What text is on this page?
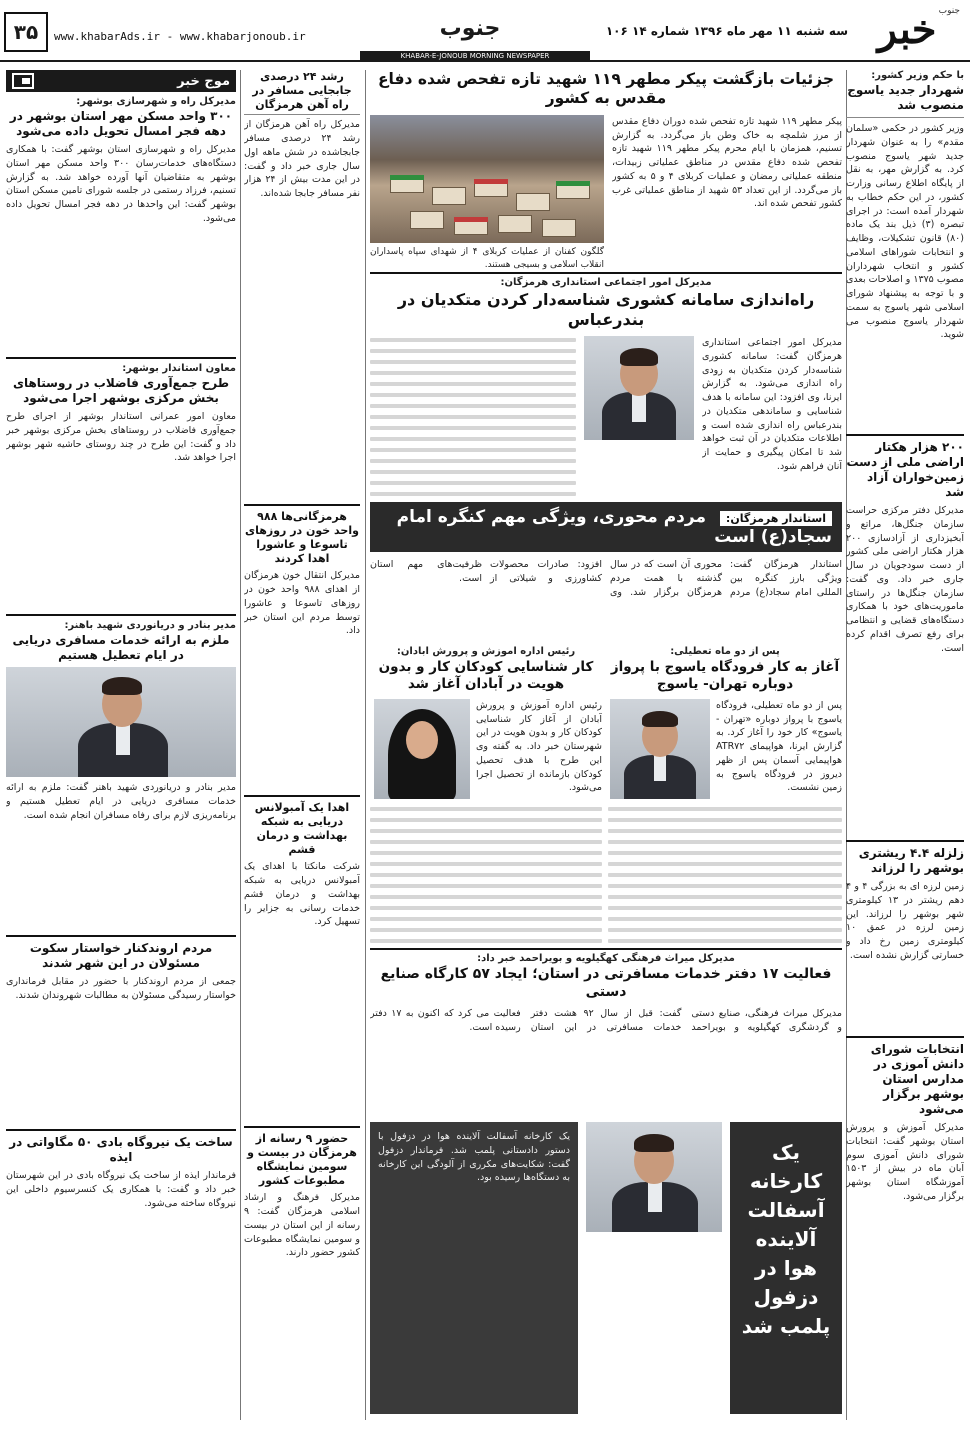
خبر جنوب
سه شنبه ۱۱ مهر ماه ۱۳۹۶ شماره ۱۴ ۱۰۶
جنوب
www.khabarAds.ir - www.khabarjonoub.ir
۳۵
KHABAR-E-JONOUB MORNING NEWSPAPER
با حکم وزیر کشور:
شهردار جدید یاسوج منصوب شد

وزیر کشور در حکمی «سلمان مقدم» را به عنوان شهردار جدید شهر یاسوج منصوب کرد. به گزارش مهر، به نقل از پایگاه اطلاع رسانی وزارت کشور، در این حکم خطاب به شهردار آمده است: در اجرای تبصره (۳) ذیل بند یک ماده (۸۰) قانون تشکیلات، وظایف و انتخابات شوراهای اسلامی کشور و انتخاب شهرداران مصوب ۱۳۷۵ و اصلاحات بعدی و با توجه به پیشنهاد شورای اسلامی شهر یاسوج به سمت شهردار یاسوج منصوب می شوید.

۲۰۰ هزار هکتار اراضی ملی از دست زمین‌خواران آزاد شد

مدیرکل دفتر مرکزی حراست سازمان جنگل‌ها، مراتع و آبخیزداری از آزادسازی ۲۰۰ هزار هکتار اراضی ملی کشور از دست سودجویان در سال جاری خبر داد. وی گفت: سازمان جنگل‌ها در راستای ماموریت‌های خود با همکاری دستگاه‌های قضایی و انتظامی برای رفع تصرف اقدام کرده است.

زلزله ۴.۴ ریشتری بوشهر را لرزاند

زمین لرزه ای به بزرگی ۴ و ۴ دهم ریشتر در ۱۳ کیلومتری شهر بوشهر را لرزاند. این زمین لرزه در عمق ۱۰ کیلومتری زمین رخ داد و خسارتی گزارش نشده است.

انتخابات شورای دانش آموزی در مدارس استان بوشهر برگزار می‌شود

مدیرکل آموزش و پرورش استان بوشهر گفت: انتخابات شورای دانش آموزی سوم آبان ماه در بیش از ۱۵۰۳ آموزشگاه استان بوشهر برگزار می‌شود.

جزئیات بازگشت پیکر مطهر ۱۱۹ شهید تازه تفحص شده دفاع مقدس به کشور

پیکر مطهر ۱۱۹ شهید تازه تفحص شده دوران دفاع مقدس از مرز شلمچه به خاک وطن باز می‌گردد. به گزارش تسنیم، همزمان با ایام محرم پیکر مطهر ۱۱۹ شهید تازه تفحص شده دفاع مقدس در مناطق عملیاتی زبیدات، منطقه عملیاتی رمضان و عملیات کربلای ۴ و ۵ به کشور باز می‌گردد. از این تعداد ۵۳ شهید از مناطق عملیاتی غرب کشور تفحص شده اند.

گلگون کفنان از عملیات کربلای ۴ از شهدای سپاه پاسداران انقلاب اسلامی و بسیجی هستند.

مدیرکل امور اجتماعی استانداری هرمزگان:
راه‌اندازی سامانه کشوری شناسه‌دار کردن متکدیان در بندرعباس

مدیرکل امور اجتماعی استانداری هرمزگان گفت: سامانه کشوری شناسه‌دار کردن متکدیان به زودی راه اندازی می‌شود. به گزارش ایرنا، وی افزود: این سامانه با هدف شناسایی و ساماندهی متکدیان در بندرعباس راه اندازی شده است و اطلاعات متکدیان در آن ثبت خواهد شد تا امکان پیگیری و حمایت از آنان فراهم شود.

استاندار هرمزگان: مردم محوری، ویژگی مهم کنگره امام سجاد(ع) است

استاندار هرمزگان گفت: ویژگی بارز کنگره بین المللی امام سجاد(ع) مردم محوری آن است که در سال گذشته با همت مردم هرمزگان برگزار شد. وی افزود: صادرات محصولات کشاورزی و شیلاتی از ظرفیت‌های مهم استان است.

پس از دو ماه تعطیلی:
آغاز به کار فرودگاه یاسوج با پرواز دوباره تهران- یاسوج

پس از دو ماه تعطیلی، فرودگاه یاسوج با پرواز دوباره «تهران - یاسوج» کار خود را آغاز کرد. به گزارش ایرنا، هواپیمای ATR۷۲ هواپیمایی آسمان پس از ظهر دیروز در فرودگاه یاسوج به زمین نشست.

رئیس اداره آموزش و پرورش آبادان:
کار شناسایی کودکان کار و بدون هویت در آبادان آغاز شد

رئیس اداره آموزش و پرورش آبادان از آغاز کار شناسایی کودکان کار و بدون هویت در این شهرستان خبر داد. به گفته وی این طرح با هدف تحصیل کودکان بازمانده از تحصیل اجرا می‌شود.

مدیرکل میراث فرهنگی کهگیلویه و بویراحمد خبر داد:
فعالیت ۱۷ دفتر خدمات مسافرتی در استان؛ ایجاد ۵۷ کارگاه صنایع دستی

مدیرکل میراث فرهنگی، صنایع دستی و گردشگری کهگیلویه و بویراحمد گفت: قبل از سال ۹۲ هشت دفتر خدمات مسافرتی در این استان فعالیت می کرد که اکنون به ۱۷ دفتر رسیده است.

یک کارخانه آسفالت آلاینده هوا در دزفول پلمب شد

یک کارخانه آسفالت آلاینده هوا در دزفول با دستور دادستانی پلمب شد. فرماندار دزفول گفت: شکایت‌های مکرری از آلودگی این کارخانه به دستگاه‌ها رسیده بود.

رشد ۲۴ درصدی جابجایی مسافر در راه آهن هرمزگان

مدیرکل راه آهن هرمزگان از رشد ۲۴ درصدی مسافر جابجاشده در شش ماهه اول سال جاری خبر داد و گفت: در این مدت بیش از ۲۴ هزار نفر مسافر جابجا شده‌اند.

هرمزگانی‌ها ۹۸۸ واحد خون در روزهای تاسوعا و عاشورا اهدا کردند

مدیرکل انتقال خون هرمزگان از اهدای ۹۸۸ واحد خون در روزهای تاسوعا و عاشورا توسط مردم این استان خبر داد.

اهدا یک آمبولانس دریایی به شبکه بهداشت و درمان قشم

شرکت مانکتا با اهدای یک آمبولانس دریایی به شبکه بهداشت و درمان قشم خدمات رسانی به جزایر را تسهیل کرد.

حضور ۹ رسانه از هرمزگان در بیست و سومین نمایشگاه مطبوعات کشور

مدیرکل فرهنگ و ارشاد اسلامی هرمزگان گفت: ۹ رسانه از این استان در بیست و سومین نمایشگاه مطبوعات کشور حضور دارند.

موج خبر
مدیرکل راه و شهرسازی بوشهر:
۳۰۰ واحد مسکن مهر استان بوشهر در دهه فجر امسال تحویل داده می‌شود

مدیرکل راه و شهرسازی استان بوشهر گفت: با همکاری دستگاه‌های خدمات‌رسان ۳۰۰ واحد مسکن مهر استان بوشهر به متقاضیان آنها آورده خواهد شد. به گزارش تسنیم، فرزاد رستمی در جلسه شورای تامین مسکن استان بوشهر گفت: این واحدها در دهه فجر امسال تحویل داده می‌شود.

معاون استاندار بوشهر:
طرح جمع‌آوری فاضلاب در روستاهای بخش مرکزی بوشهر اجرا می‌شود

معاون امور عمرانی استاندار بوشهر از اجرای طرح جمع‌آوری فاضلاب در روستاهای بخش مرکزی بوشهر خبر داد و گفت: این طرح در چند روستای حاشیه شهر بوشهر اجرا خواهد شد.

مدیر بنادر و دریانوردی شهید باهنر:
ملزم به ارائه خدمات مسافری دریایی در ایام تعطیل هستیم

مدیر بنادر و دریانوردی شهید باهنر گفت: ملزم به ارائه خدمات مسافری دریایی در ایام تعطیل هستیم و برنامه‌ریزی لازم برای رفاه مسافران انجام شده است.

مردم اروندکنار خواستار سکوت مسئولان در این شهر شدند

جمعی از مردم اروندکنار با حضور در مقابل فرمانداری خواستار رسیدگی مسئولان به مطالبات شهروندان شدند.

ساخت یک نیروگاه بادی ۵۰ مگاواتی در ایذه

فرماندار ایذه از ساخت یک نیروگاه بادی در این شهرستان خبر داد و گفت: با همکاری یک کنسرسیوم داخلی این نیروگاه ساخته می‌شود.
